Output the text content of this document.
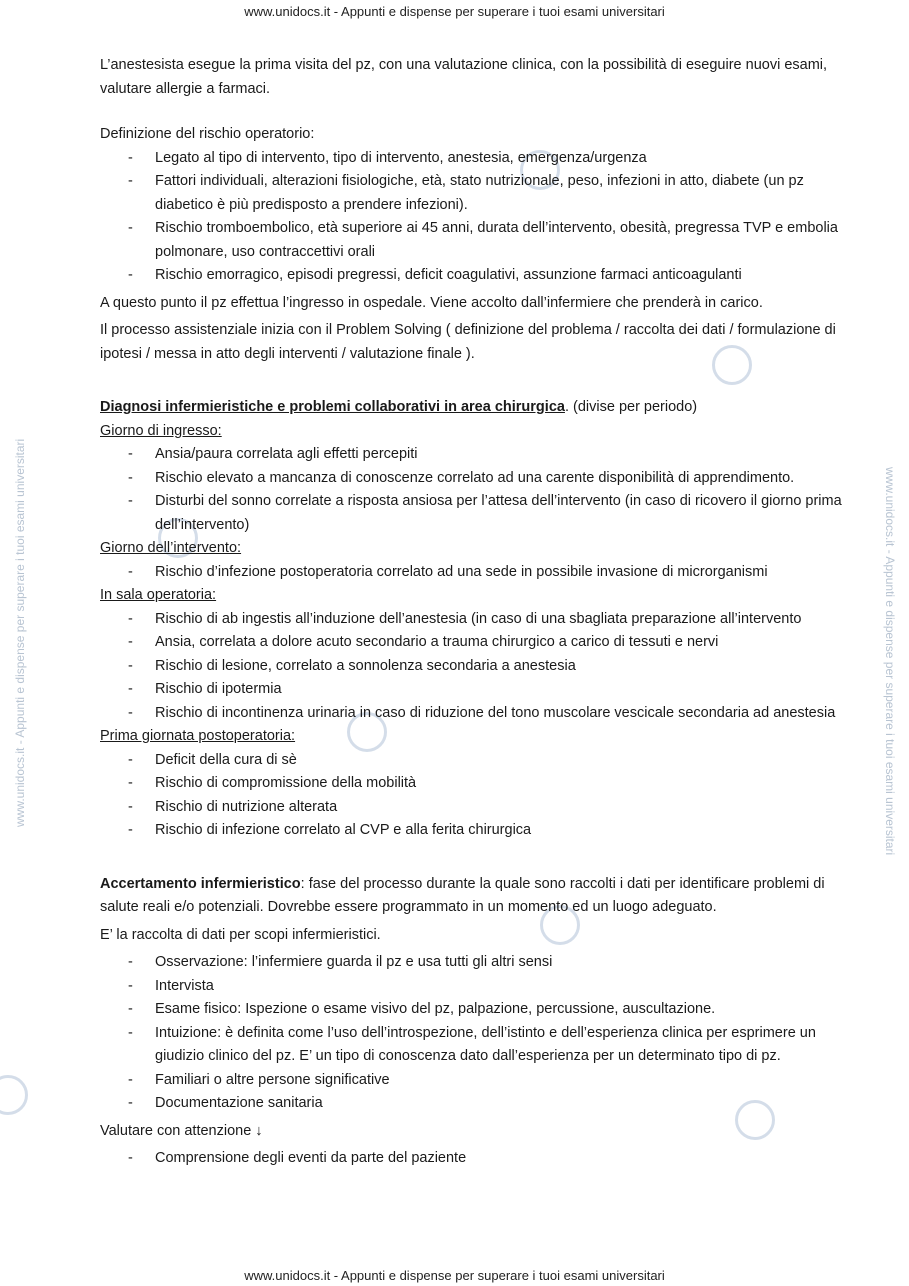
www.unidocs.it - Appunti e dispense per superare i tuoi esami universitari
www.unidocs.it - Appunti e dispense per superare i tuoi esami universitari
www.unidocs.it - Appunti e dispense per superare i tuoi esami universitari	www.unidocs.it - Appunti e dispense per superare i tuoi esami universitari

L’anestesista esegue la prima visita del pz, con una valutazione clinica, con la possibilità di eseguire nuovi esami, valutare allergie a farmaci.

Definizione del rischio operatorio:

- Legato al tipo di intervento, tipo di intervento, anestesia, emergenza/urgenza
- Fattori individuali, alterazioni fisiologiche, età, stato nutrizionale, peso, infezioni in atto, diabete (un pz diabetico è più predisposto a prendere infezioni).
- Rischio tromboembolico, età superiore ai 45 anni, durata dell’intervento, obesità, pregressa TVP e embolia polmonare, uso contraccettivi orali
- Rischio emorragico, episodi pregressi, deficit coagulativi, assunzione farmaci anticoagulanti

A questo punto il pz effettua l’ingresso in ospedale. Viene accolto dall’infermiere che prenderà in carico.

Il processo assistenziale inizia con il Problem Solving ( definizione del problema / raccolta dei dati / formulazione di ipotesi / messa in atto degli interventi / valutazione finale ).

Diagnosi infermieristiche e problemi collaborativi in area chirurgica. (divise per periodo)

Giorno di ingresso:

- Ansia/paura correlata agli effetti percepiti
- Rischio elevato a mancanza di conoscenze correlato ad una carente disponibilità di apprendimento.
- Disturbi del sonno correlate a risposta ansiosa per l’attesa dell’intervento (in caso di ricovero il giorno prima dell’intervento)

Giorno dell’intervento:

- Rischio d’infezione postoperatoria correlato ad una sede in possibile invasione di microrganismi

In sala operatoria:

- Rischio di ab ingestis all’induzione dell’anestesia (in caso di una sbagliata preparazione all’intervento
- Ansia, correlata a dolore acuto secondario a trauma chirurgico a carico di tessuti e nervi
- Rischio di lesione, correlato a sonnolenza secondaria a anestesia
- Rischio di ipotermia
- Rischio di incontinenza urinaria in caso di riduzione del tono muscolare vescicale secondaria ad anestesia

Prima giornata postoperatoria:

- Deficit della cura di sè
- Rischio di compromissione della mobilità
- Rischio di nutrizione alterata
- Rischio di infezione correlato al CVP e alla ferita chirurgica

Accertamento infermieristico: fase del processo durante la quale sono raccolti i dati per identificare problemi di salute reali e/o potenziali. Dovrebbe essere programmato in un momento ed un luogo adeguato.

E’ la raccolta di dati per scopi infermieristici.

- Osservazione: l’infermiere guarda il pz e usa tutti gli altri sensi
- Intervista
- Esame fisico: Ispezione o esame visivo del pz, palpazione, percussione, auscultazione.
- Intuizione: è definita come l’uso dell’introspezione, dell’istinto e dell’esperienza clinica per esprimere un giudizio clinico del pz. E’ un tipo di conoscenza dato dall’esperienza per un determinato tipo di pz.
- Familiari o altre persone significative
- Documentazione sanitaria

Valutare con attenzione ↓

- Comprensione degli eventi da parte del paziente
